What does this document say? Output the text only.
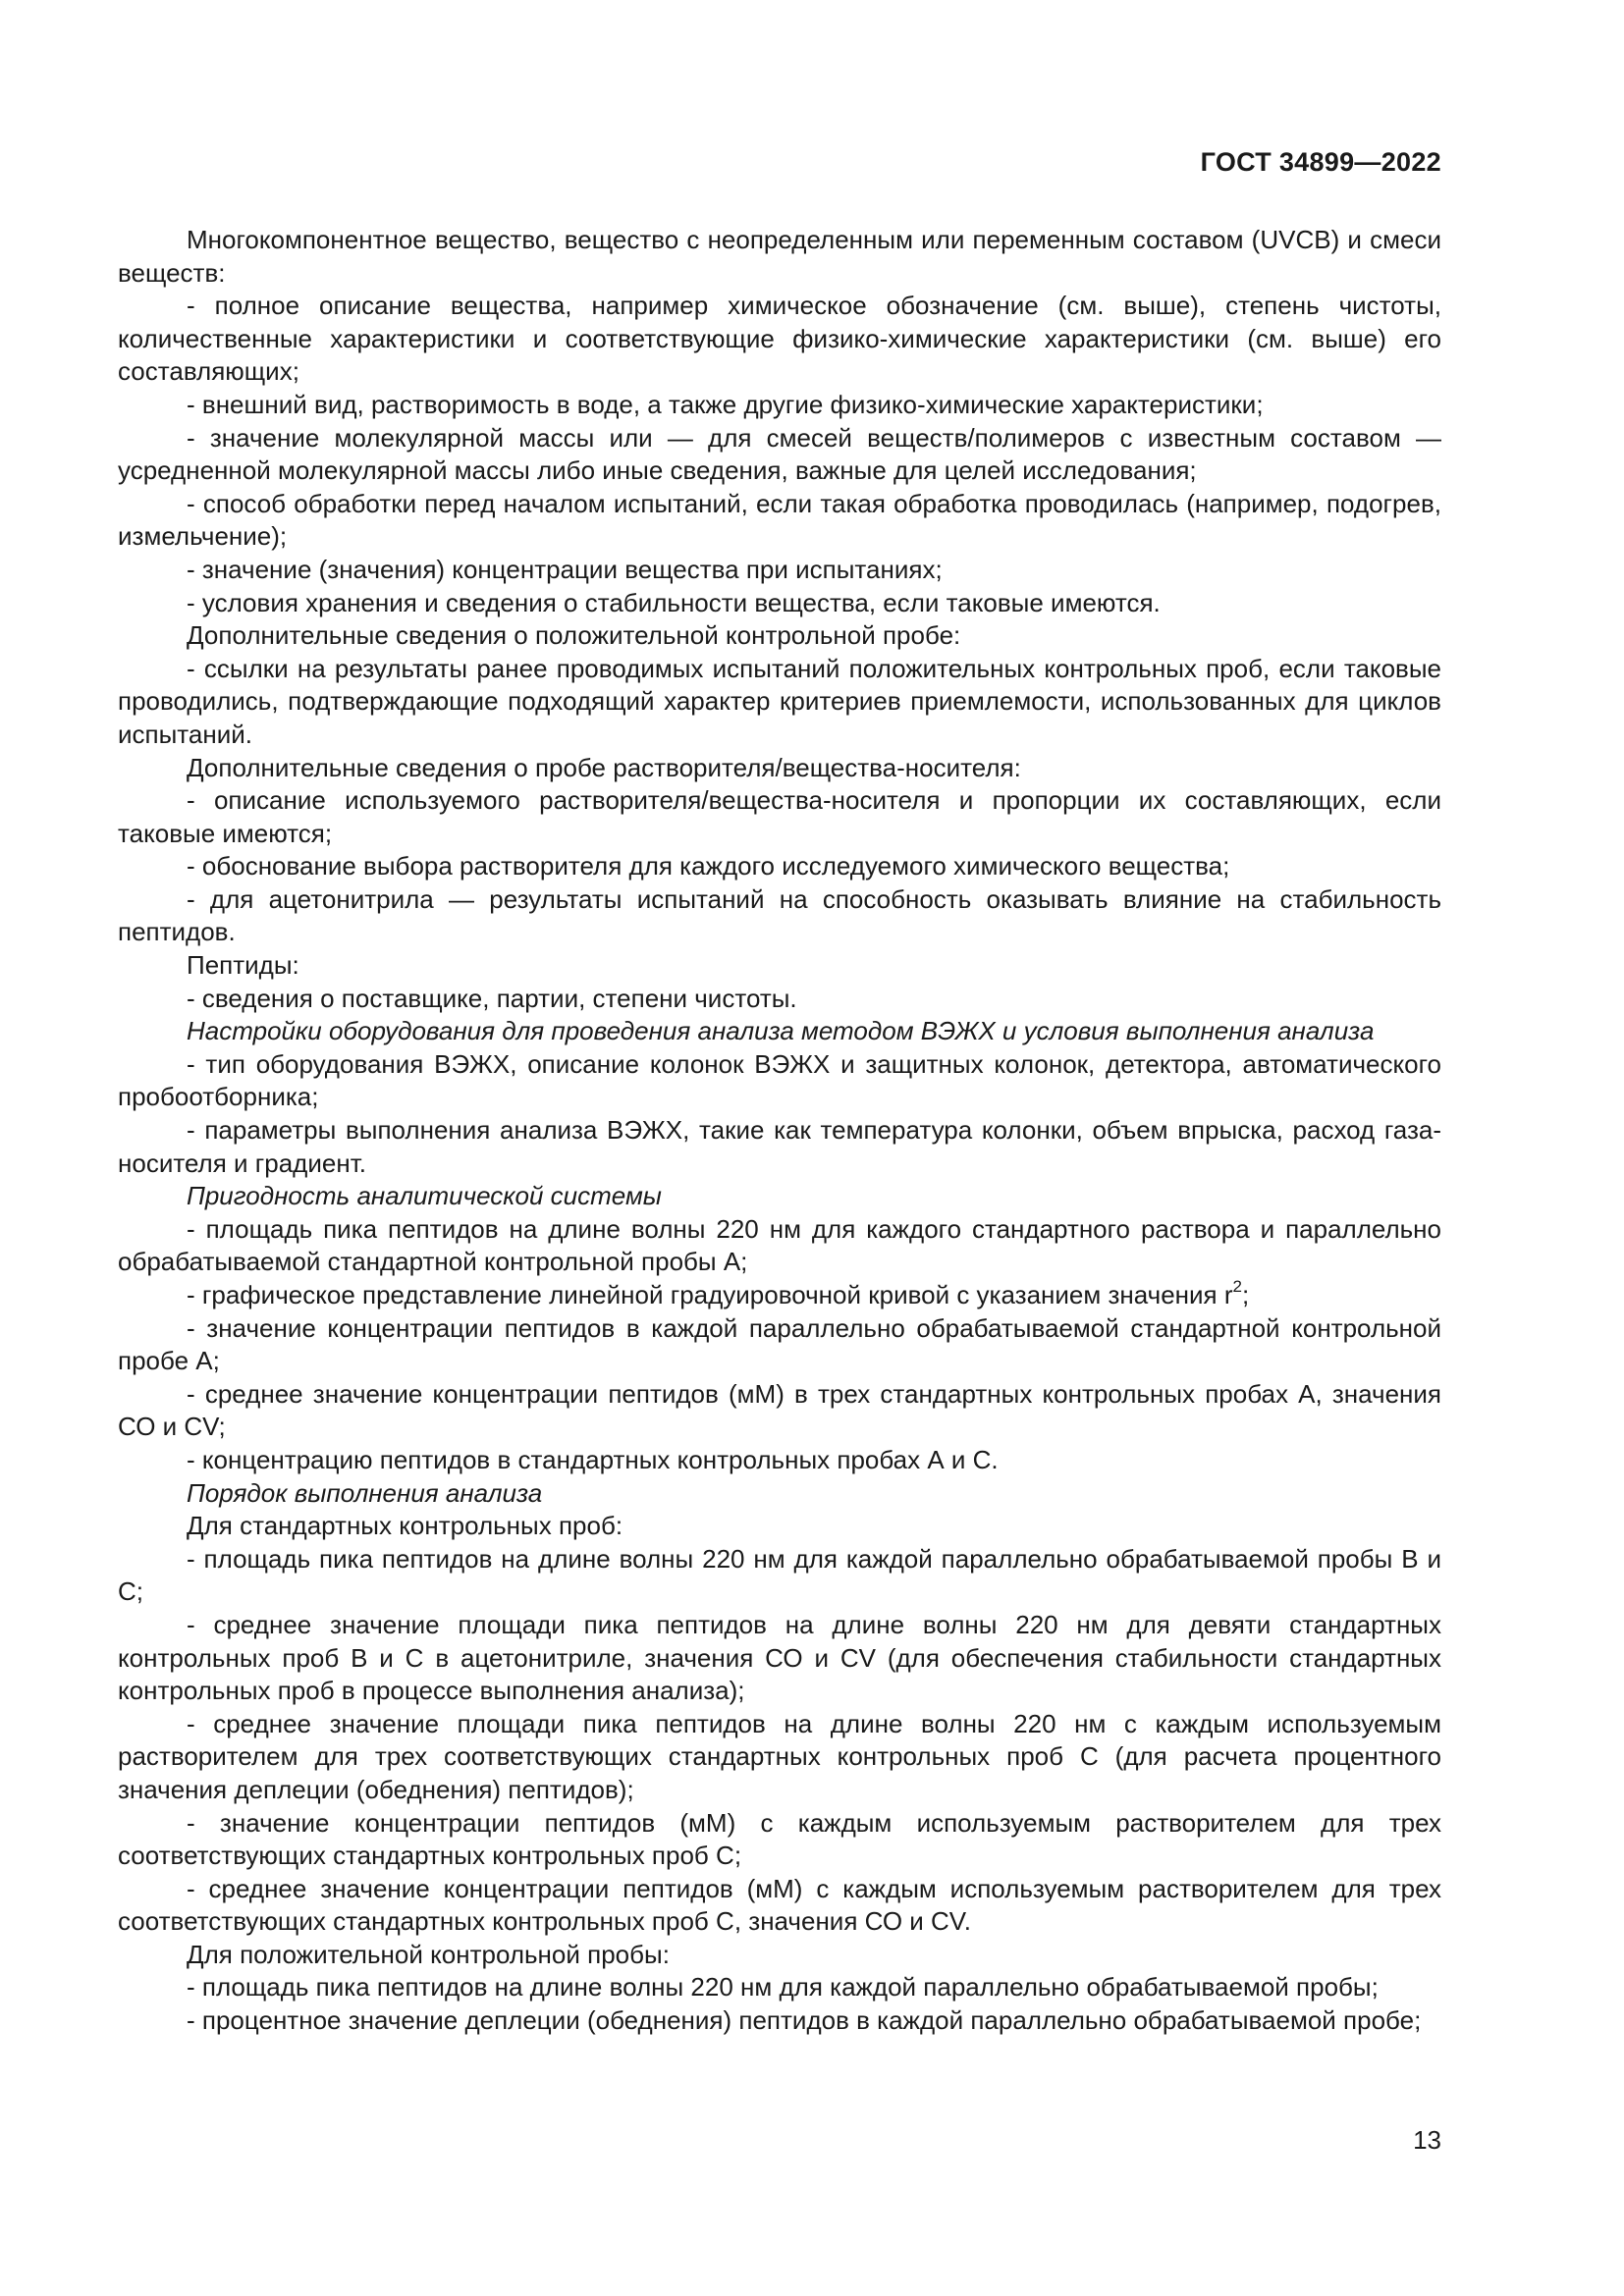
ГОСТ 34899—2022

Многокомпонентное вещество, вещество с неопределенным или переменным составом (UVCB) и смеси веществ:

- полное описание вещества, например химическое обозначение (см. выше), степень чистоты, количественные характеристики и соответствующие физико-химические характеристики (см. выше) его составляющих;

- внешний вид, растворимость в воде, а также другие физико-химические характеристики;

- значение молекулярной массы или — для смесей веществ/полимеров с известным составом — усредненной молекулярной массы либо иные сведения, важные для целей исследования;

- способ обработки перед началом испытаний, если такая обработка проводилась (например, подогрев, измельчение);

- значение (значения) концентрации вещества при испытаниях;

- условия хранения и сведения о стабильности вещества, если таковые имеются.

Дополнительные сведения о положительной контрольной пробе:

- ссылки на результаты ранее проводимых испытаний положительных контрольных проб, если таковые проводились, подтверждающие подходящий характер критериев приемлемости, использованных для циклов испытаний.

Дополнительные сведения о пробе растворителя/вещества-носителя:

- описание используемого растворителя/вещества-носителя и пропорции их составляющих, если таковые имеются;

- обоснование выбора растворителя для каждого исследуемого химического вещества;

- для ацетонитрила — результаты испытаний на способность оказывать влияние на стабильность пептидов.

Пептиды:

- сведения о поставщике, партии, степени чистоты.

Настройки оборудования для проведения анализа методом ВЭЖХ и условия выполнения анализа

- тип оборудования ВЭЖХ, описание колонок ВЭЖХ и защитных колонок, детектора, автоматического пробоотборника;

- параметры выполнения анализа ВЭЖХ, такие как температура колонки, объем впрыска, расход газа-носителя и градиент.

Пригодность аналитической системы

- площадь пика пептидов на длине волны 220 нм для каждого стандартного раствора и параллельно обрабатываемой стандартной контрольной пробы А;

- графическое представление линейной градуировочной кривой с указанием значения $r^2$;

- значение концентрации пептидов в каждой параллельно обрабатываемой стандартной контрольной пробе А;

- среднее значение концентрации пептидов (мМ) в трех стандартных контрольных пробах А, значения СО и CV;

- концентрацию пептидов в стандартных контрольных пробах А и С.

Порядок выполнения анализа

Для стандартных контрольных проб:

- площадь пика пептидов на длине волны 220 нм для каждой параллельно обрабатываемой пробы В и С;

- среднее значение площади пика пептидов на длине волны 220 нм для девяти стандартных контрольных проб В и С в ацетонитриле, значения СО и CV (для обеспечения стабильности стандартных контрольных проб в процессе выполнения анализа);

- среднее значение площади пика пептидов на длине волны 220 нм с каждым используемым растворителем для трех соответствующих стандартных контрольных проб С (для расчета процентного значения деплеции (обеднения) пептидов);

- значение концентрации пептидов (мМ) с каждым используемым растворителем для трех соответствующих стандартных контрольных проб С;

- среднее значение концентрации пептидов (мМ) с каждым используемым растворителем для трех соответствующих стандартных контрольных проб С, значения СО и CV.

Для положительной контрольной пробы:

- площадь пика пептидов на длине волны 220 нм для каждой параллельно обрабатываемой пробы;

- процентное значение деплеции (обеднения) пептидов в каждой параллельно обрабатываемой пробе;

13
